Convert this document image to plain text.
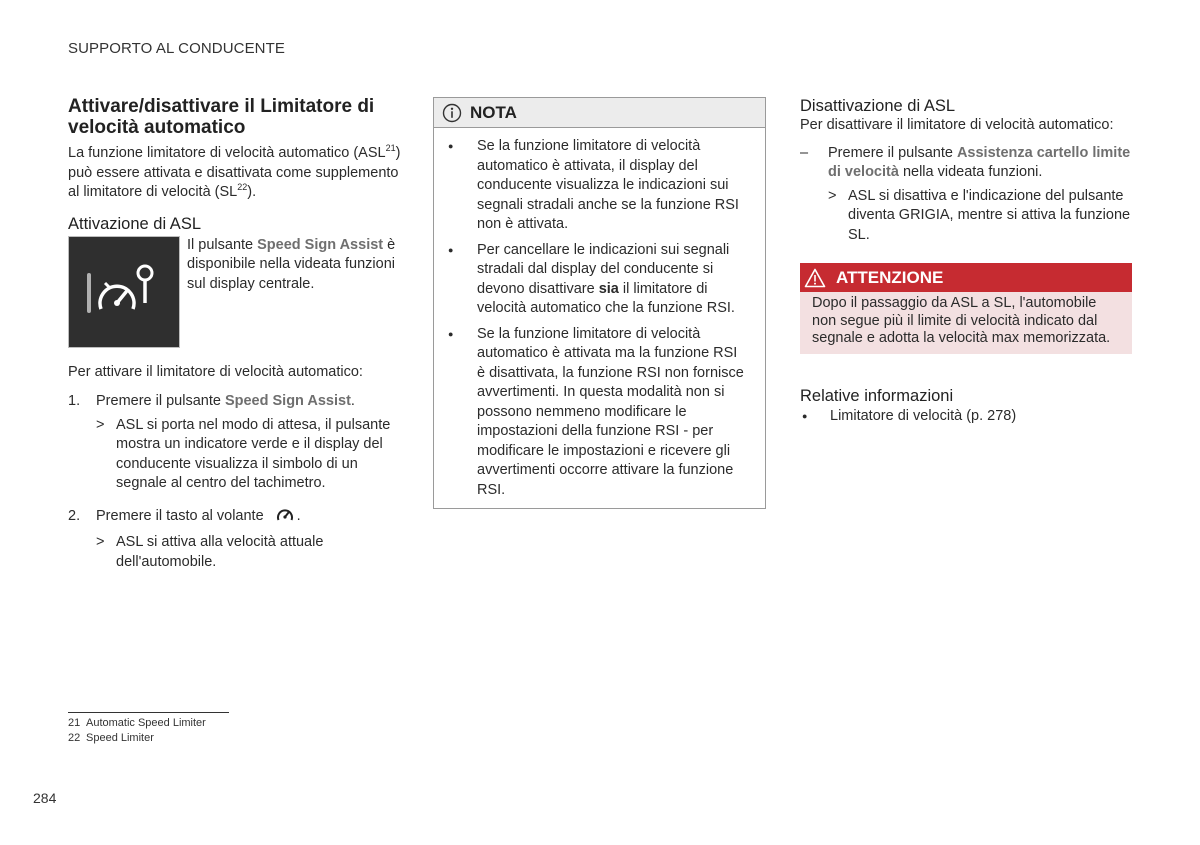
SUPPORTO AL CONDUCENTE
Attivare/disattivare il Limitatore di velocità automatico

La funzione limitatore di velocità automatico (ASL$^{21}$) può essere attivata e disattivata come supplemento al limitatore di velocità (SL$^{22}$).

Attivazione di ASL
Il pulsante Speed Sign Assist è disponibile nella videata funzioni sul display centrale.

Per attivare il limitatore di velocità automatico:

1.	Premere il pulsante Speed Sign Assist.
> ASL si porta nel modo di attesa, il pulsante mostra un indicatore verde e il display del conducente visualizza il simbolo di un segnale al centro del tachimetro.
2.	Premere il tasto al volante .
> ASL si attiva alla velocità attuale dell'automobile.
NOTA
●	Se la funzione limitatore di velocità automatico è attivata, il display del conducente visualizza le indicazioni sui segnali stradali anche se la funzione RSI non è attivata.
●	Per cancellare le indicazioni sui segnali stradali dal display del conducente si devono disattivare sia il limitatore di velocità automatico che la funzione RSI.
●	Se la funzione limitatore di velocità automatico è attivata ma la funzione RSI è disattivata, la funzione RSI non fornisce avvertimenti. In questa modalità non si possono nemmeno modificare le impostazioni della funzione RSI - per modificare le impostazioni e ricevere gli avvertimenti occorre attivare la funzione RSI.
Disattivazione di ASL

Per disattivare il limitatore di velocità automatico:

–	Premere il pulsante Assistenza cartello limite di velocità nella videata funzioni.
> ASL si disattiva e l'indicazione del pulsante diventa GRIGIA, mentre si attiva la funzione SL.
ATTENZIONE
Dopo il passaggio da ASL a SL, l'automobile non segue più il limite di velocità indicato dal segnale e adotta la velocità max memorizzata.
Relative informazioni
●	Limitatore di velocità (p. 278)
21 Automatic Speed Limiter
22 Speed Limiter
284
